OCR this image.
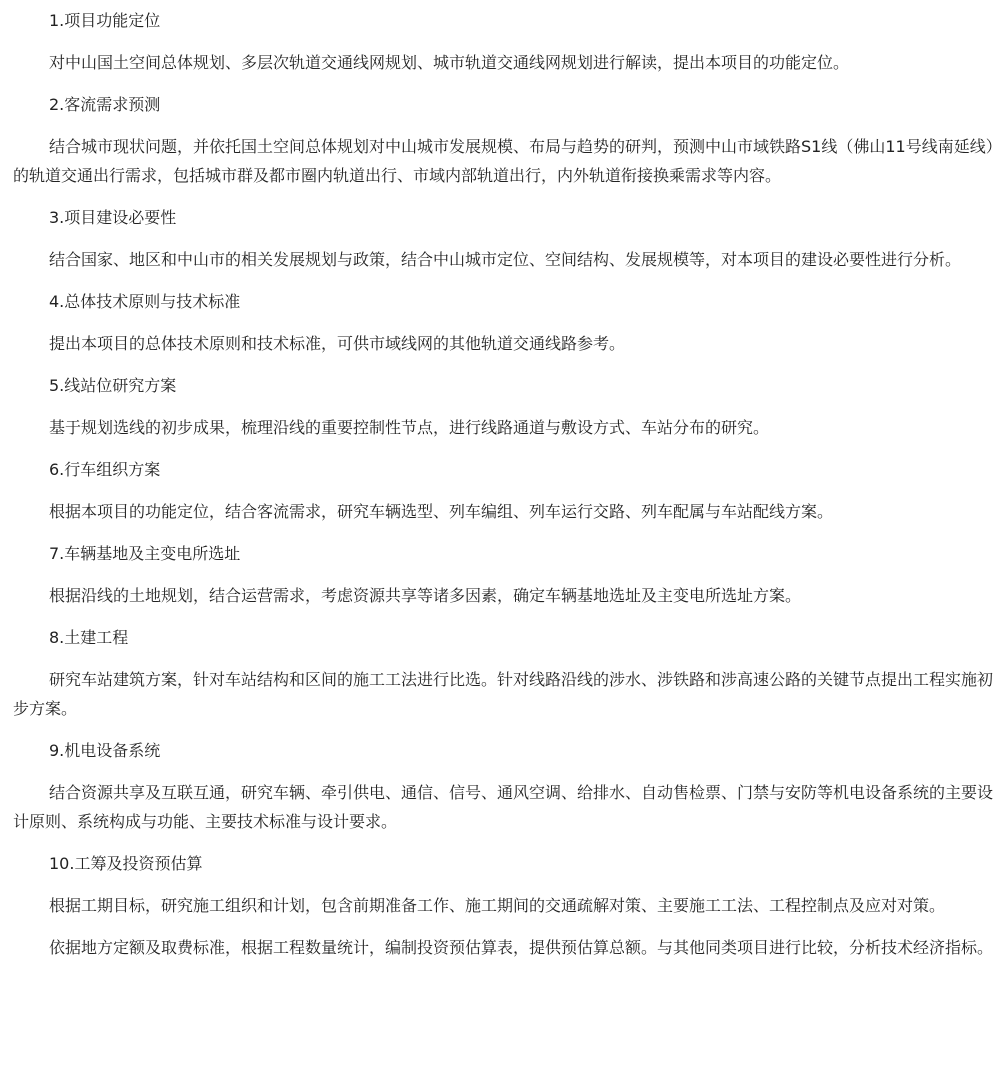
1.项目功能定位

对中山国土空间总体规划、多层次轨道交通线网规划、城市轨道交通线网规划进行解读，提出本项目的功能定位。

2.客流需求预测

结合城市现状问题，并依托国土空间总体规划对中山城市发展规模、布局与趋势的研判，预测中山市域铁路S1线（佛山11号线南延线）的轨道交通出行需求，包括城市群及都市圈内轨道出行、市域内部轨道出行，内外轨道衔接换乘需求等内容。

3.项目建设必要性

结合国家、地区和中山市的相关发展规划与政策，结合中山城市定位、空间结构、发展规模等，对本项目的建设必要性进行分析。

4.总体技术原则与技术标准

提出本项目的总体技术原则和技术标准，可供市域线网的其他轨道交通线路参考。

5.线站位研究方案

基于规划选线的初步成果，梳理沿线的重要控制性节点，进行线路通道与敷设方式、车站分布的研究。

6.行车组织方案

根据本项目的功能定位，结合客流需求，研究车辆选型、列车编组、列车运行交路、列车配属与车站配线方案。

7.车辆基地及主变电所选址

根据沿线的土地规划，结合运营需求，考虑资源共享等诸多因素，确定车辆基地选址及主变电所选址方案。

8.土建工程

研究车站建筑方案，针对车站结构和区间的施工工法进行比选。针对线路沿线的涉水、涉铁路和涉高速公路的关键节点提出工程实施初步方案。

9.机电设备系统

结合资源共享及互联互通，研究车辆、牵引供电、通信、信号、通风空调、给排水、自动售检票、门禁与安防等机电设备系统的主要设计原则、系统构成与功能、主要技术标准与设计要求。

10.工筹及投资预估算

根据工期目标，研究施工组织和计划，包含前期准备工作、施工期间的交通疏解对策、主要施工工法、工程控制点及应对对策。

依据地方定额及取费标准，根据工程数量统计，编制投资预估算表，提供预估算总额。与其他同类项目进行比较，分析技术经济指标。
